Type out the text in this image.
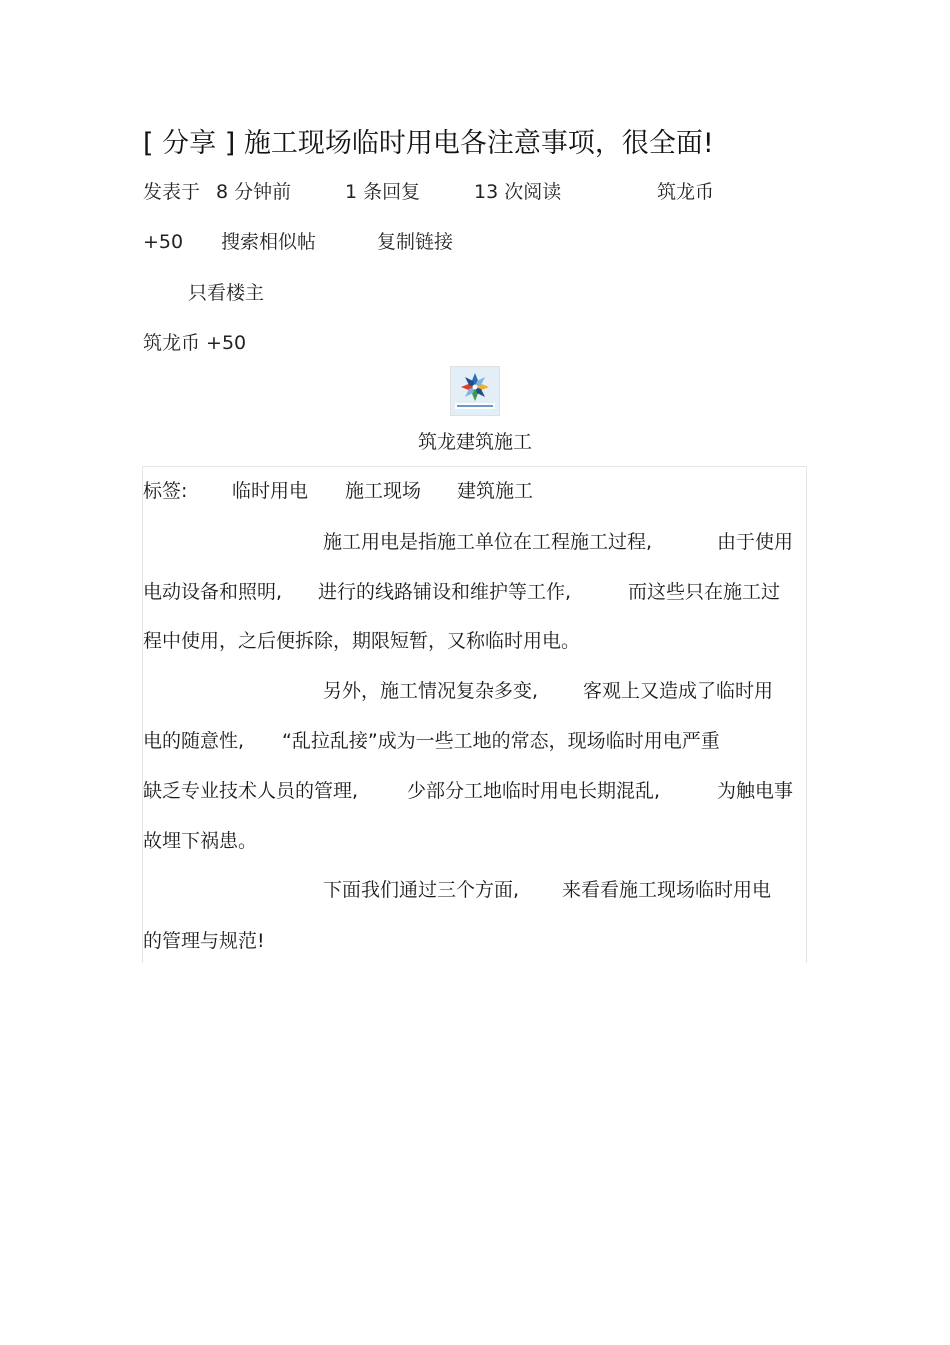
[ 分享 ] 施工现场临时用电各注意事项，很全面!
发表于 8 分钟前	1 条回复	13 次阅读	筑龙币
+50 搜索相似帖	复制链接
只看楼主
筑龙币 +50
筑龙建筑施工
标签: 临时用电 施工现场 建筑施工
施工用电是指施工单位在工程施工过程,	由于使用
电动设备和照明, 进行的线路铺设和维护等工作,	而这些只在施工过
程中使用，之后便拆除，期限短暂，又称临时用电。
另外，施工情况复杂多变, 客观上又造成了临时用
电的随意性, “乱拉乱接”成为一些工地的常态，现场临时用电严重
缺乏专业技术人员的管理,	少部分工地临时用电长期混乱,	为触电事
故埋下祸患。
下面我们通过三个方面, 来看看施工现场临时用电
的管理与规范!
